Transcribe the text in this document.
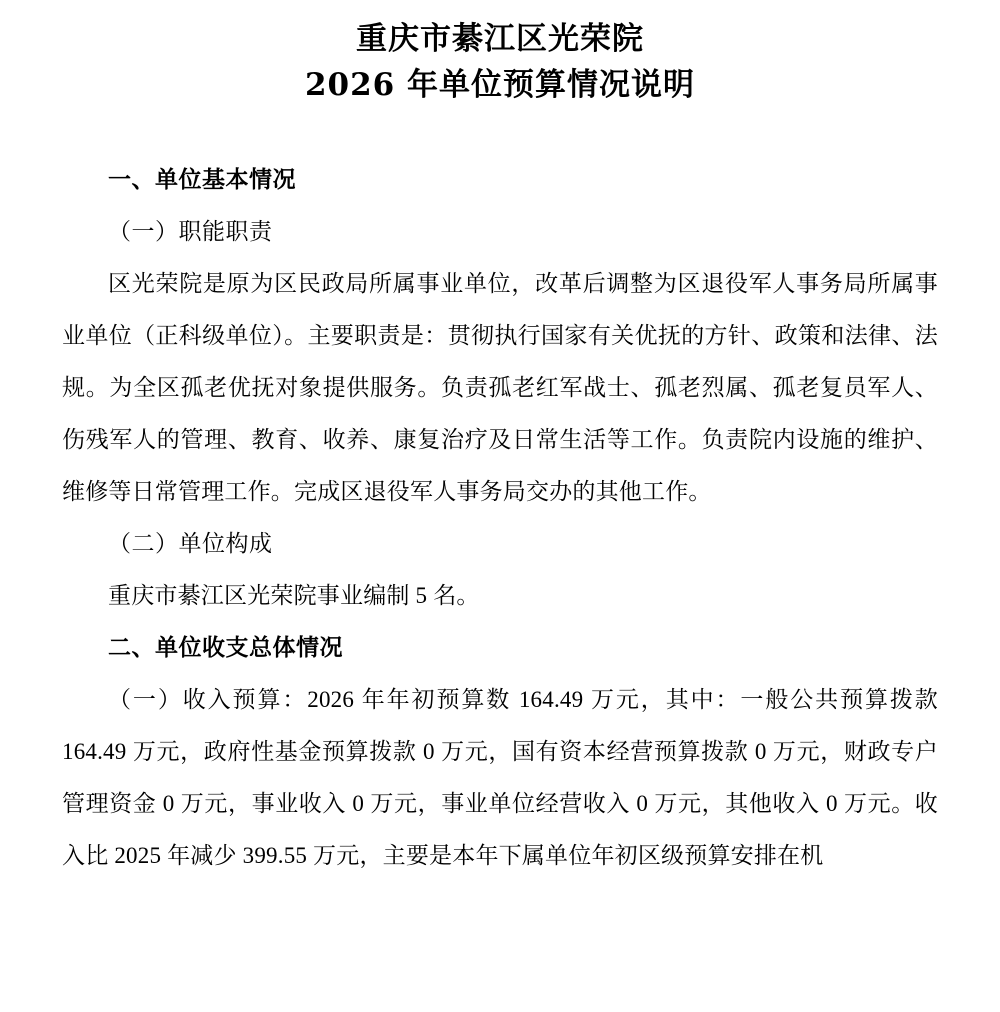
重庆市綦江区光荣院
2026 年单位预算情况说明
一、单位基本情况
（一）职能职责

区光荣院是原为区民政局所属事业单位，改革后调整为区退役军人事务局所属事业单位（正科级单位）。主要职责是：贯彻执行国家有关优抚的方针、政策和法律、法规。为全区孤老优抚对象提供服务。负责孤老红军战士、孤老烈属、孤老复员军人、伤残军人的管理、教育、收养、康复治疗及日常生活等工作。负责院内设施的维护、维修等日常管理工作。完成区退役军人事务局交办的其他工作。

（二）单位构成

重庆市綦江区光荣院事业编制 5 名。

二、单位收支总体情况

（一）收入预算：2026 年年初预算数 164.49 万元，其中：一般公共预算拨款 164.49 万元，政府性基金预算拨款 0 万元，国有资本经营预算拨款 0 万元，财政专户管理资金 0 万元，事业收入 0 万元，事业单位经营收入 0 万元，其他收入 0 万元。收入比 2025 年减少 399.55 万元，主要是本年下属单位年初区级预算安排在机
